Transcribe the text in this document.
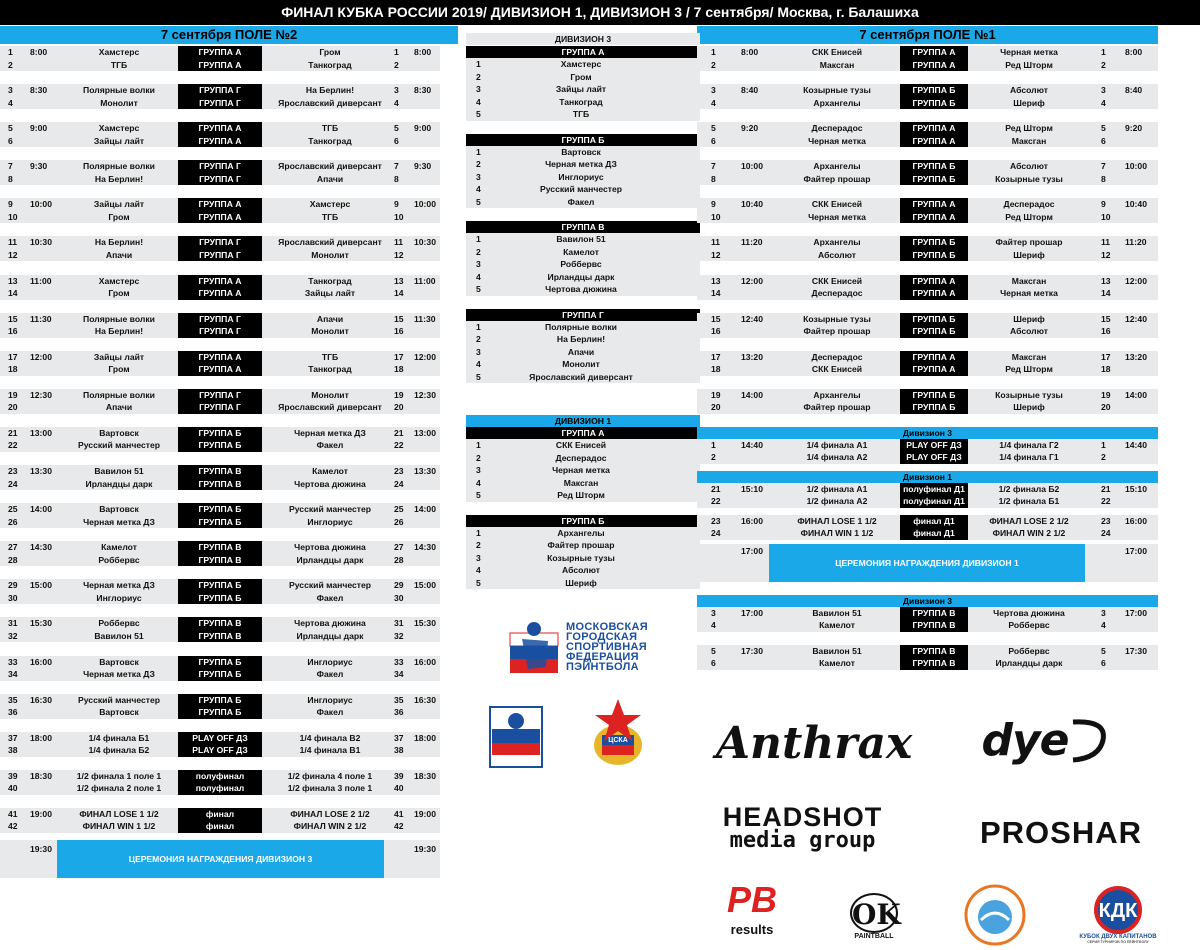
ФИНАЛ КУБКА РОССИИ 2019/ ДИВИЗИОН 1, ДИВИЗИОН 3 / 7 сентября/ Москва, г. Балашиха
7 сентября ПОЛЕ №2	7 сентября ПОЛЕ №1
1	8:00	Хамстерс	ГРУППА А	Гром	1	8:00
2	ТГБ	ГРУППА А	Танкоград	2
3	8:30	Полярные волки	ГРУППА Г	На Берлин!	3	8:30
4	Монолит	ГРУППА Г	Ярославский диверсант	4
5	9:00	Хамстерс	ГРУППА А	ТГБ	5	9:00
6	Зайцы лайт	ГРУППА А	Танкоград	6
7	9:30	Полярные волки	ГРУППА Г	Ярославский диверсант	7	9:30
8	На Берлин!	ГРУППА Г	Апачи	8
9	10:00	Зайцы лайт	ГРУППА А	Хамстерс	9	10:00
10	Гром	ГРУППА А	ТГБ	10
11	10:30	На Берлин!	ГРУППА Г	Ярославский диверсант	11	10:30
12	Апачи	ГРУППА Г	Монолит	12
13	11:00	Хамстерс	ГРУППА А	Танкоград	13	11:00
14	Гром	ГРУППА А	Зайцы лайт	14
15	11:30	Полярные волки	ГРУППА Г	Апачи	15	11:30
16	На Берлин!	ГРУППА Г	Монолит	16
17	12:00	Зайцы лайт	ГРУППА А	ТГБ	17	12:00
18	Гром	ГРУППА А	Танкоград	18
19	12:30	Полярные волки	ГРУППА Г	Монолит	19	12:30
20	Апачи	ГРУППА Г	Ярославский диверсант	20
21	13:00	Вартовск	ГРУППА Б	Черная метка ДЗ	21	13:00
22	Русский манчестер	ГРУППА Б	Факел	22
23	13:30	Вавилон 51	ГРУППА В	Камелот	23	13:30
24	Ирландцы дарк	ГРУППА В	Чертова дюжина	24
25	14:00	Вартовск	ГРУППА Б	Русский манчестер	25	14:00
26	Черная метка ДЗ	ГРУППА Б	Инглориус	26
27	14:30	Камелот	ГРУППА В	Чертова дюжина	27	14:30
28	Роббервс	ГРУППА В	Ирландцы дарк	28
29	15:00	Черная метка ДЗ	ГРУППА Б	Русский манчестер	29	15:00
30	Инглориус	ГРУППА Б	Факел	30
31	15:30	Роббервс	ГРУППА В	Чертова дюжина	31	15:30
32	Вавилон 51	ГРУППА В	Ирландцы дарк	32
33	16:00	Вартовск	ГРУППА Б	Инглориус	33	16:00
34	Черная метка ДЗ	ГРУППА Б	Факел	34
35	16:30	Русский манчестер	ГРУППА Б	Инглориус	35	16:30
36	Вартовск	ГРУППА Б	Факел	36
37	18:00	1/4 финала Б1	PLAY OFF ДЗ	1/4 финала В2	37	18:00
38	1/4 финала Б2	PLAY OFF ДЗ	1/4 финала В1	38
39	18:30	1/2 финала 1 поле 1	полуфинал	1/2 финала 4 поле 1	39	18:30
40	1/2 финала 2 поле 1	полуфинал	1/2 финала 3 поле 1	40
41	19:00	ФИНАЛ LOSE 1 1/2	финал	ФИНАЛ LOSE 2 1/2	41	19:00
42	ФИНАЛ WIN 1 1/2	финал	ФИНАЛ WIN 2 1/2	42
19:30
ЦЕРЕМОНИЯ НАГРАЖДЕНИЯ ДИВИЗИОН 3
19:30
ДИВИЗИОН 3
ГРУППА А
1	Хамстерс
2	Гром
3	Зайцы лайт
4	Танкоград
5	ТГБ
ГРУППА Б
1	Вартовск
2	Черная метка ДЗ
3	Инглориус
4	Русский манчестер
5	Факел
ГРУППА В
1	Вавилон 51
2	Камелот
3	Роббервс
4	Ирландцы дарк
5	Чертова дюжина
ГРУППА Г
1	Полярные волки
2	На Берлин!
3	Апачи
4	Монолит
5	Ярославский диверсант
ДИВИЗИОН 1
ГРУППА А
1	СКК Енисей
2	Десперадос
3	Черная метка
4	Максган
5	Ред Шторм
ГРУППА Б
1	Архангелы
2	Файтер прошар
3	Козырные тузы
4	Абсолют
5	Шериф
1	8:00	СКК Енисей	ГРУППА А	Черная метка	1	8:00
2	Максган	ГРУППА А	Ред Шторм	2
3	8:40	Козырные тузы	ГРУППА Б	Абсолют	3	8:40
4	Архангелы	ГРУППА Б	Шериф	4
5	9:20	Десперадос	ГРУППА А	Ред Шторм	5	9:20
6	Черная метка	ГРУППА А	Максган	6
7	10:00	Архангелы	ГРУППА Б	Абсолют	7	10:00
8	Файтер прошар	ГРУППА Б	Козырные тузы	8
9	10:40	СКК Енисей	ГРУППА А	Десперадос	9	10:40
10	Черная метка	ГРУППА А	Ред Шторм	10
11	11:20	Архангелы	ГРУППА Б	Файтер прошар	11	11:20
12	Абсолют	ГРУППА Б	Шериф	12
13	12:00	СКК Енисей	ГРУППА А	Максган	13	12:00
14	Десперадос	ГРУППА А	Черная метка	14
15	12:40	Козырные тузы	ГРУППА Б	Шериф	15	12:40
16	Файтер прошар	ГРУППА Б	Абсолют	16
17	13:20	Десперадос	ГРУППА А	Максган	17	13:20
18	СКК Енисей	ГРУППА А	Ред Шторм	18
19	14:00	Архангелы	ГРУППА Б	Козырные тузы	19	14:00
20	Файтер прошар	ГРУППА Б	Шериф	20
Дивизион 3
1	14:40	1/4 финала А1	PLAY OFF ДЗ	1/4 финала Г2	1	14:40
2	1/4 финала А2	PLAY OFF ДЗ	1/4 финала Г1	2
Дивизион 1
21	15:10	1/2 финала А1	полуфинал Д1	1/2 финала Б2	21	15:10
22	1/2 финала А2	полуфинал Д1	1/2 финала Б1	22
23	16:00	ФИНАЛ LOSE 1 1/2	финал Д1	ФИНАЛ LOSE 2 1/2	23	16:00
24	ФИНАЛ WIN 1 1/2	финал Д1	ФИНАЛ WIN 2 1/2	24
17:00
ЦЕРЕМОНИЯ НАГРАЖДЕНИЯ ДИВИЗИОН 1
17:00
Дивизион 3
3	17:00	Вавилон 51	ГРУППА В	Чертова дюжина	3	17:00
4	Камелот	ГРУППА В	Роббервс	4
5	17:30	Вавилон 51	ГРУППА В	Роббервс	5	17:30
6	Камелот	ГРУППА В	Ирландцы дарк	6
МОСКОВСКАЯ
ГОРОДСКАЯ
СПОРТИВНАЯ
ФЕДЕРАЦИЯ
ПЭЙНТБОЛА
РФП
ЦСКА	Anthrax dye
HEADSHOT
media group	PROSHAR
PB
results	OK
PAINTBALL
КДК
КУБОК ДВУХ КАПИТАНОВ
СЕРИЯ ТУРНИРОВ ПО ПЕЙНТБОЛУ
